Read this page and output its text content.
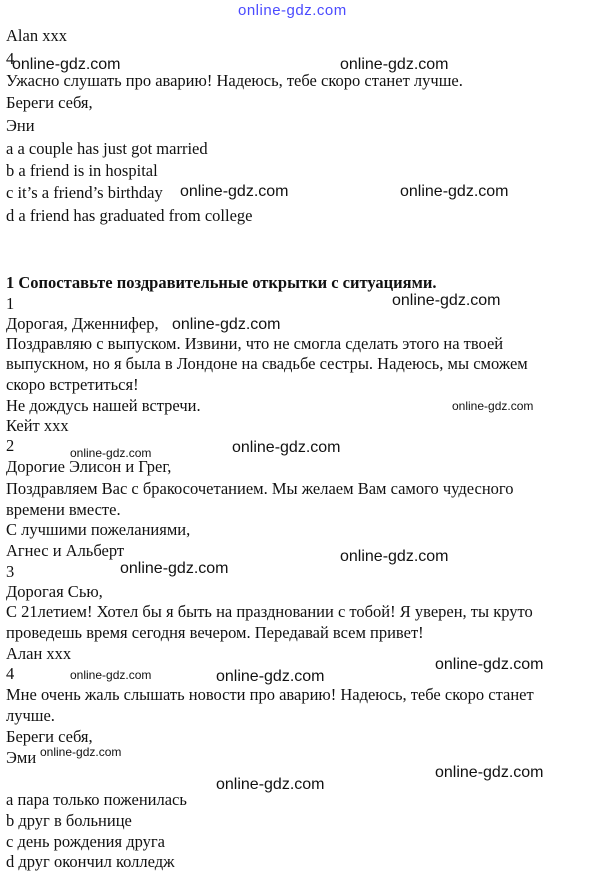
online-gdz.com
Alan xxx
4
Ужасно слушать про аварию! Надеюсь, тебе скоро станет лучше.
Береги себя,
Эни
a a couple has just got married
b a friend is in hospital
c it’s a friend’s birthday
d a friend has graduated from college
1 Сопоставьте поздравительные открытки с ситуациями.
1
Дорогая, Дженнифер,
Поздравляю с выпуском. Извини, что не смогла сделать этого на твоей
выпускном, но я была в Лондоне на свадьбе сестры. Надеюсь, мы сможем
скоро встретиться!
Не дождусь нашей встречи.
Кейт xxx
2
Дорогие Элисон и Грег,
Поздравляем Вас с бракосочетанием. Мы желаем Вам самого чудесного
времени вместе.
С лучшими пожеланиями,
Агнес и Альберт
3
Дорогая Сью,
С 21летием! Хотел бы я быть на праздновании с тобой! Я уверен, ты круто
проведешь время сегодня вечером. Передавай всем привет!
Алан xxx
4
Мне очень жаль слышать новости про аварию! Надеюсь, тебе скоро станет
лучше.
Береги себя,
Эми
a пара только поженилась
b друг в больнице
c день рождения друга
d друг окончил колледж
online-gdz.com	online-gdz.com
online-gdz.com	online-gdz.com
online-gdz.com
online-gdz.com
online-gdz.com
online-gdz.com
online-gdz.com
online-gdz.com
online-gdz.com
online-gdz.com
online-gdz.com
online-gdz.com
online-gdz.com
online-gdz.com
online-gdz.com
